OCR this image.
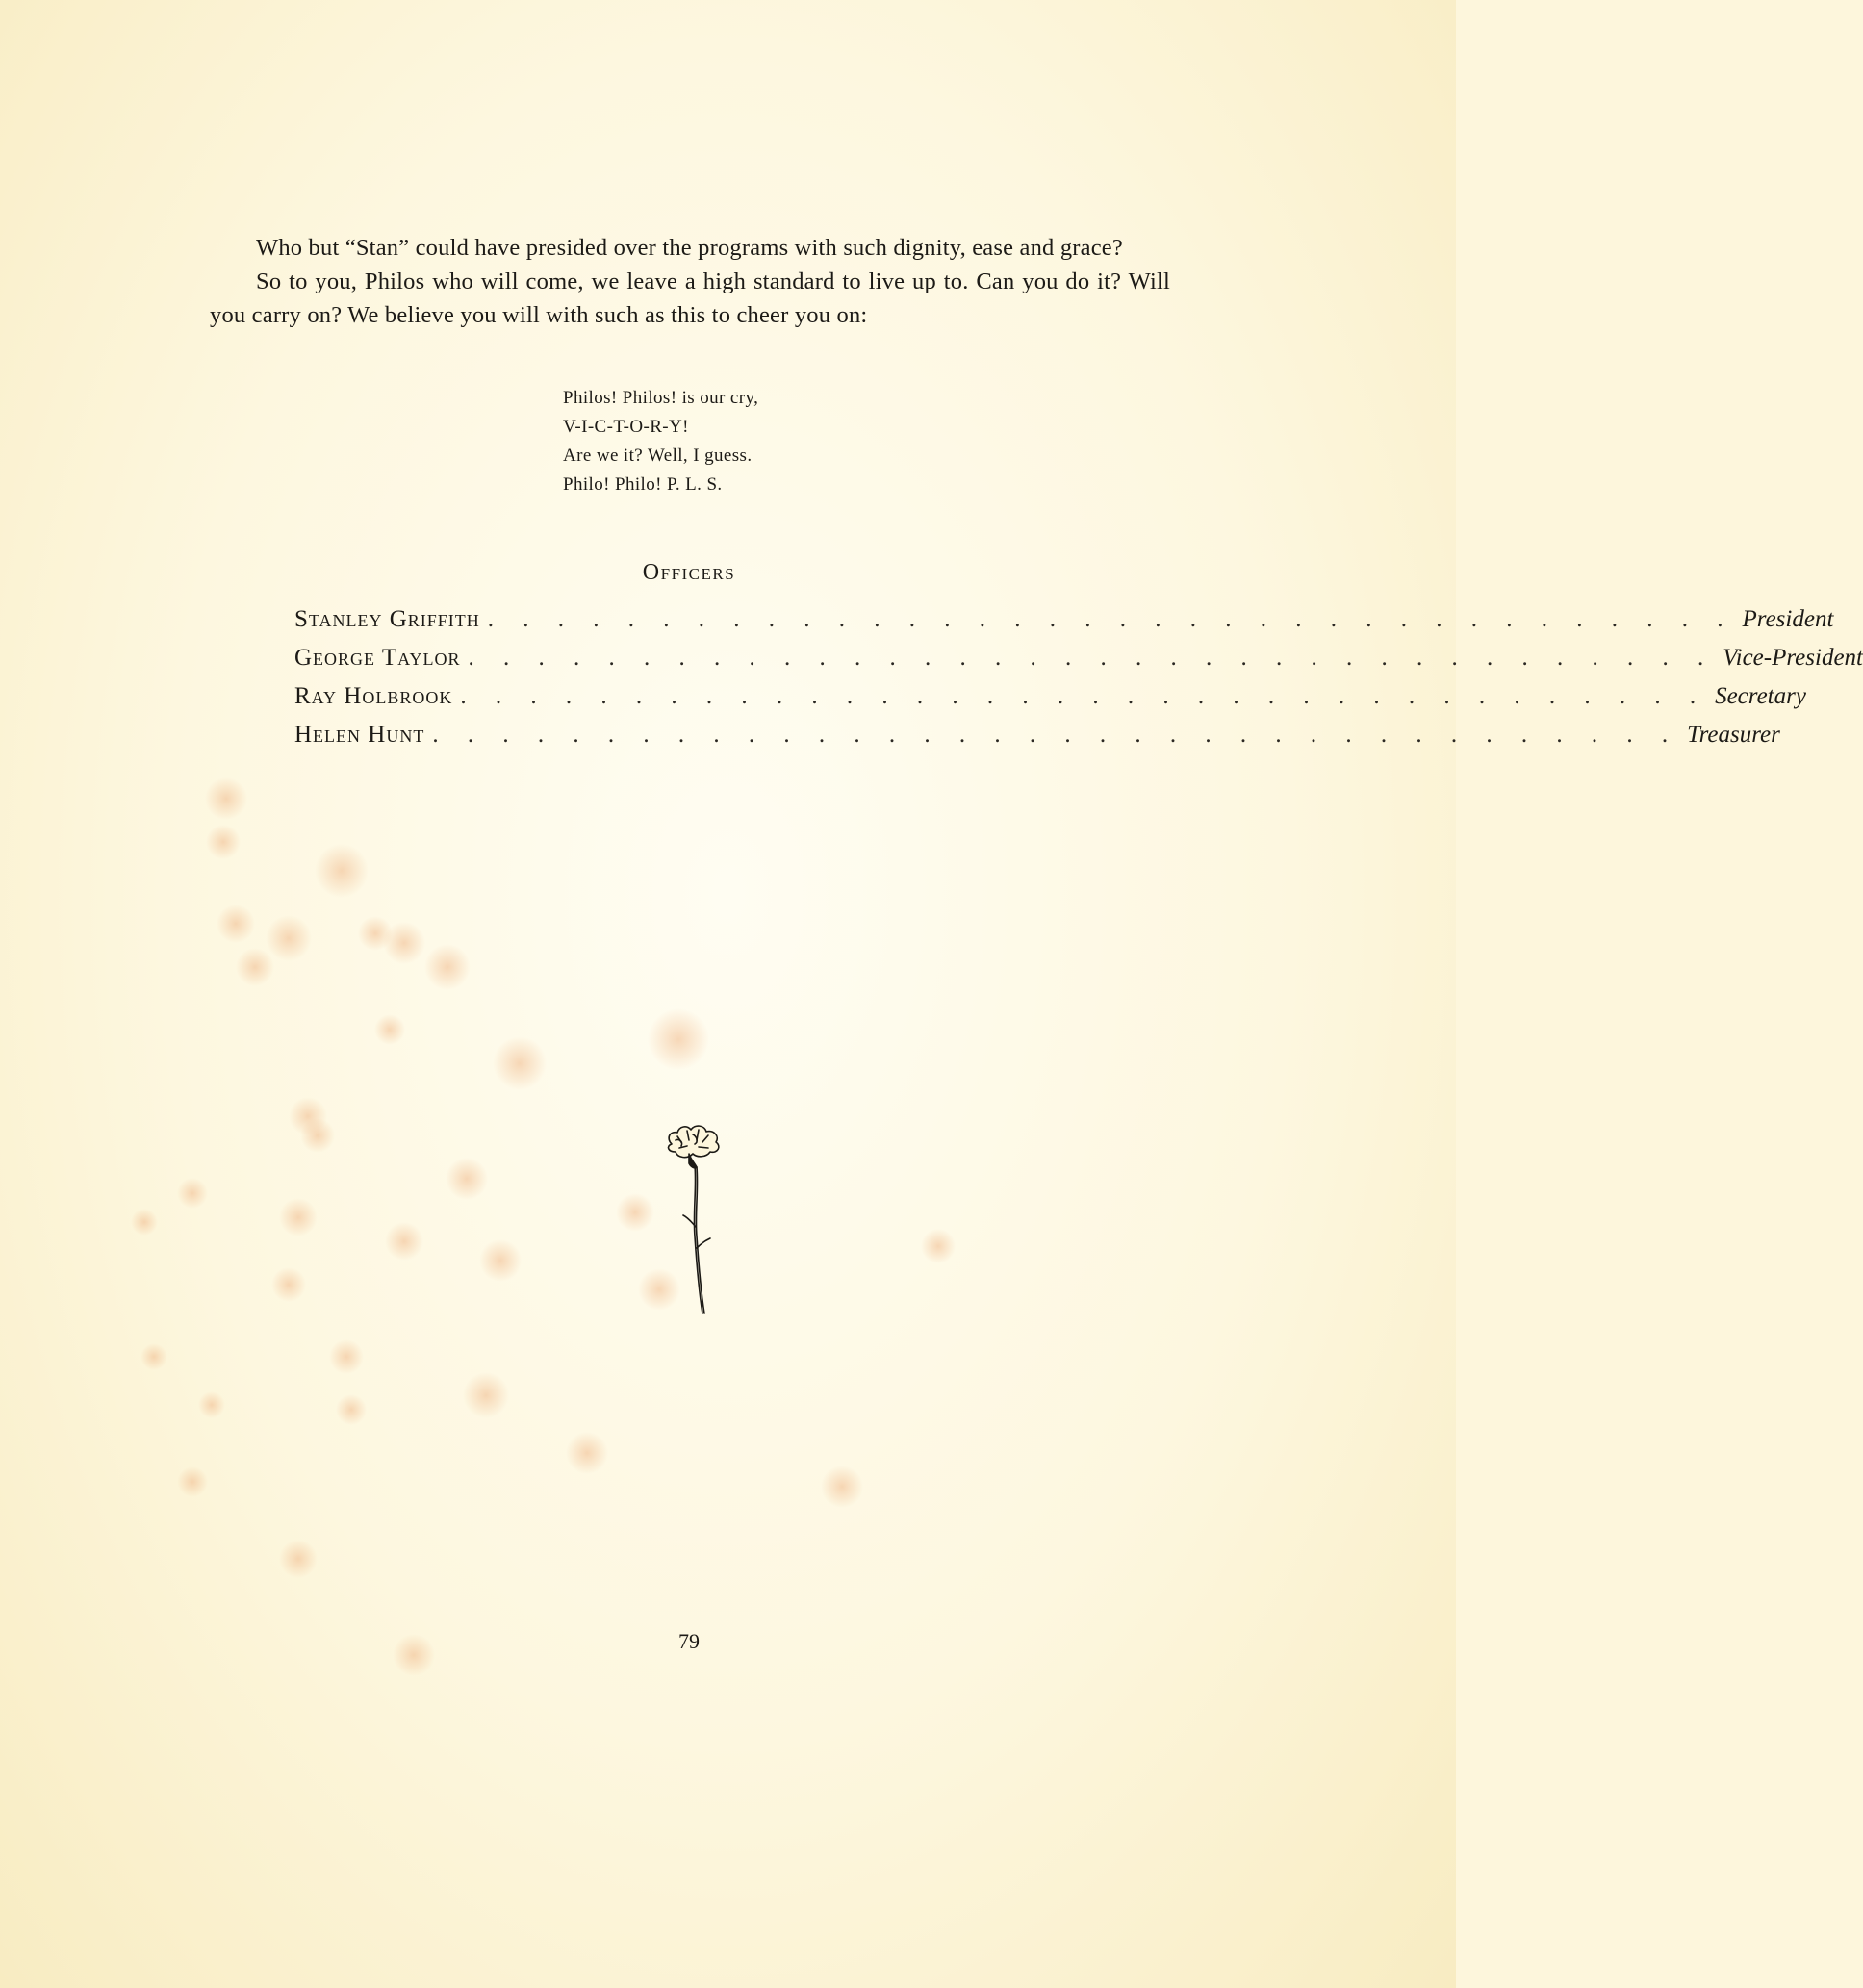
Who but “Stan” could have presided over the programs with such dignity, ease and grace?

So to you, Philos who will come, we leave a high standard to live up to. Can you do it? Will you carry on? We believe you will with such as this to cheer you on:

Philos! Philos! is our cry,
V-I-C-T-O-R-Y!
Are we it? Well, I guess.
Philo! Philo! P. L. S.
Officers
Stanley Griffith . . . . . . . . . . . . . . . . . . . . . . . . . . . . . . . . . . . . President
George Taylor . . . . . . . . . . . . . . . . . . . . . . . . . . . . . . . . . . . . Vice-President
Ray Holbrook . . . . . . . . . . . . . . . . . . . . . . . . . . . . . . . . . . . . Secretary
Helen Hunt . . . . . . . . . . . . . . . . . . . . . . . . . . . . . . . . . . . . Treasurer
79
